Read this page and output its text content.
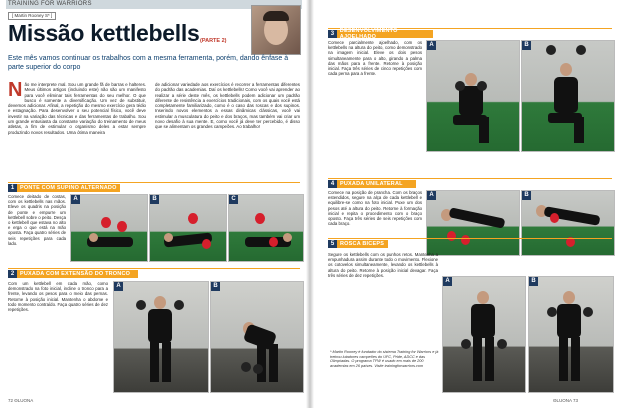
TRAINING FOR WARRIORS
[ Martin Rooney S* ]
Missão kettlebells (PARTE 2)
Este mês vamos continuar os trabalhos com a mesma ferramenta, porém, dando ênfase à parte superior do corpo
N ão me interprete mal. Sou um grande fã de barras e halteres. Meus últimos artigos (incluindo este) não são um manifesto para você eliminar tais ferramentas do seu melhor. O que busco é somente a diversificação. Um vez de substituir, devemos adicionar. Afinal, a repetição do mesmo exercício gera tédio e estagnação. Para desenvolver o seu potencial físico, você deve investir na variação das técnicas e das ferramentas de trabalho. Sou um grande entusiasta da constante variação do treinamento de meus atletas, a fim de estimular o organismo deles a estar sempre produzindo novos resultados. Uma ótima maneira
de adicionar variedade aos exercícios é recorrer a ferramentas diferentes do padrão das academias. Daí os kettlebells! Como você vai aprender ao realizar a série deste mês, os kettlebells podem adicionar um padrão diferente de resistência a exercícios tradicionais, com os quais você está completamente familiarizado, como é o caso das roscas e dos supinos. Inserindo novos elementos a essas dinâmicas clássicas, você vai estimular a musculatura do peito e dos braços, mas também vai criar um novo desafio à sua mente. E, como você já deve ter percebido, é disso que se alimentam os grandes campeões. Ao trabalho!
1	PONTE COM SUPINO ALTERNADO
Comece deitado de costas, com os kettlebells nas mãos. Eleve os quadris na posição de ponte e empurre um kettlebell sobre o peito. Desça o kettlebell que estava no alto e erga o que está na mão oposta. Faça quatro séries de seis repetições para cada lado.
A	B	C
2	PUXADA COM EXTENSÃO DO TRONCO
Com um kettlebell em cada mão, como demonstrado na foto inicial, incline o tronco para a frente, levando os pesos para o meio das pernas. Retorne à posição inicial. Mantenha o abdome e todo momento contraído. Faça quatro séries de dez repetições.
A	B
72 ΘLUONΑ
3	DESENVOLVIMENTO AJOELHADO
Comece parcialmente ajoelhado, com os kettlebells na altura do peito, como demonstrado na imagem inicial. Eleve os dois pesos simultaneamente para o alto, girando a palma das mãos para a frente. Retorne à posição inicial. Faça três séries de cinco repetições com cada perna para a frente.
A	B
4	PUXADA UNILATERAL
Comece na posição de prancha. Com os braços estendidos, segure na alça de cada kettlebell e equilibre-se como na foto inicial. Puxe um dos pesos até a altura do peito. Retorne à formação inicial e repita o procedimento com o braço oposto. Faça três séries de seis repetições com cada braço.
A	B
5	ROSCA BICEPS
Segure os kettlebells com os punhos retos. Mantenha a empunhadura assim durante todo o movimento. Flexione os cotovelos simultaneamente, levando os kettlebells à altura do peito. Retorne à posição inicial devagar. Faça três séries de dez repetições.
A	B
* Martin Rooney é fundador do sistema Training for Warriors e já treinou lutadores campeões do UFC, Pride, ADCC e das Olimpíadas. O programa TFW é usado em mais de 200 academias em 26 países. Visite trainingforwarriors.com
ΘLUONΑ 73
